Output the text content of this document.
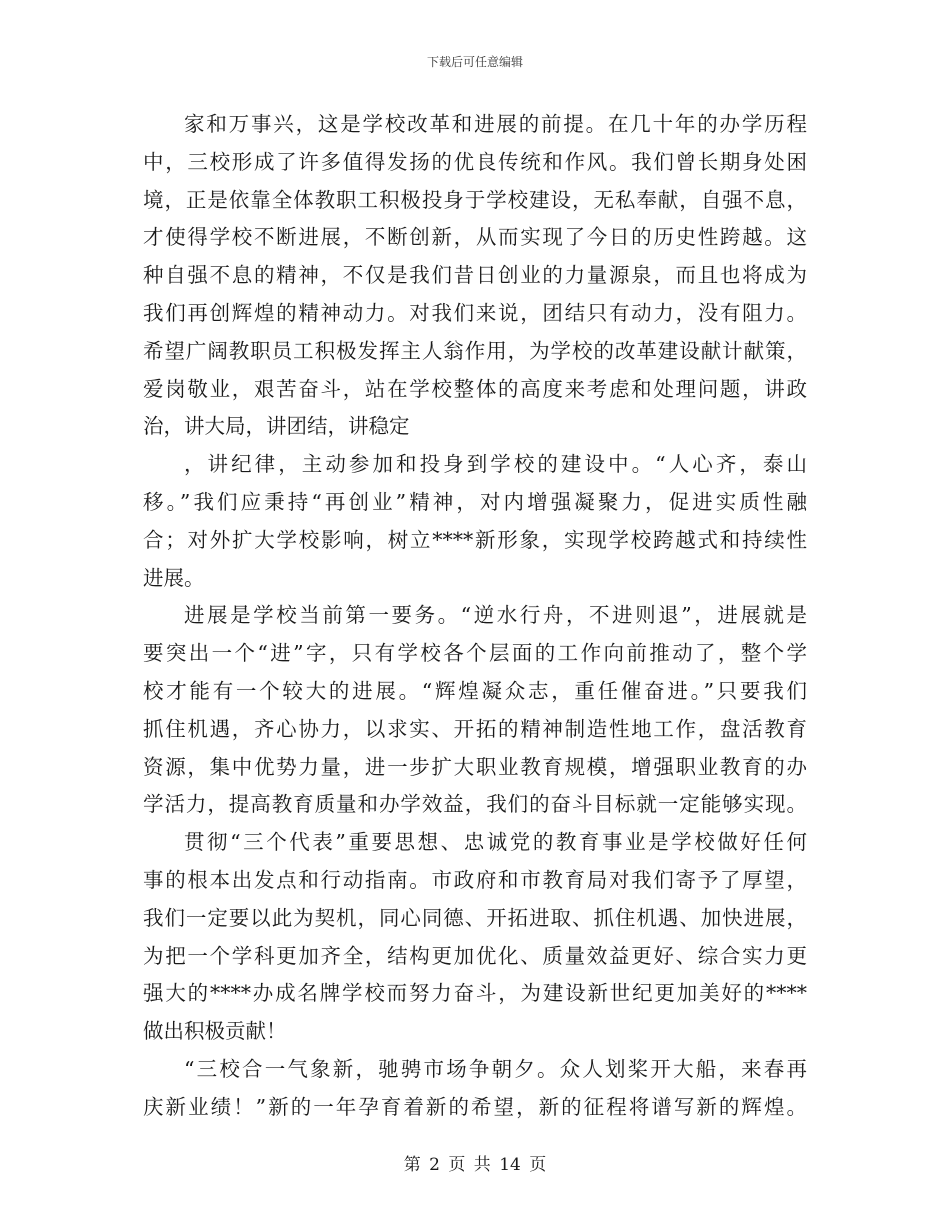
下载后可任意编辑
家和万事兴，这是学校改革和进展的前提。在几十年的办学历程
中，三校形成了许多值得发扬的优良传统和作风。我们曾长期身处困
境，正是依靠全体教职工积极投身于学校建设，无私奉献，自强不息，
才使得学校不断进展，不断创新，从而实现了今日的历史性跨越。这
种自强不息的精神，不仅是我们昔日创业的力量源泉，而且也将成为
我们再创辉煌的精神动力。对我们来说，团结只有动力，没有阻力。
希望广阔教职员工积极发挥主人翁作用，为学校的改革建设献计献策，
爱岗敬业，艰苦奋斗，站在学校整体的高度来考虑和处理问题，讲政
治，讲大局，讲团结，讲稳定
，讲纪律，主动参加和投身到学校的建设中。“人心齐，泰山
移。”我们应秉持“再创业”精神，对内增强凝聚力，促进实质性融
合；对外扩大学校影响，树立****新形象，实现学校跨越式和持续性
进展。
进展是学校当前第一要务。“逆水行舟，不进则退”，进展就是
要突出一个“进”字，只有学校各个层面的工作向前推动了，整个学
校才能有一个较大的进展。“辉煌凝众志，重任催奋进。”只要我们
抓住机遇，齐心协力，以求实、开拓的精神制造性地工作，盘活教育
资源，集中优势力量，进一步扩大职业教育规模，增强职业教育的办
学活力，提高教育质量和办学效益，我们的奋斗目标就一定能够实现。
贯彻“三个代表”重要思想、忠诚党的教育事业是学校做好任何
事的根本出发点和行动指南。市政府和市教育局对我们寄予了厚望，
我们一定要以此为契机，同心同德、开拓进取、抓住机遇、加快进展，
为把一个学科更加齐全，结构更加优化、质量效益更好、综合实力更
强大的****办成名牌学校而努力奋斗，为建设新世纪更加美好的****
做出积极贡献！
“三校合一气象新，驰骋市场争朝夕。众人划桨开大船，来春再
庆新业绩！”新的一年孕育着新的希望，新的征程将谱写新的辉煌。
第 2 页 共 14 页
